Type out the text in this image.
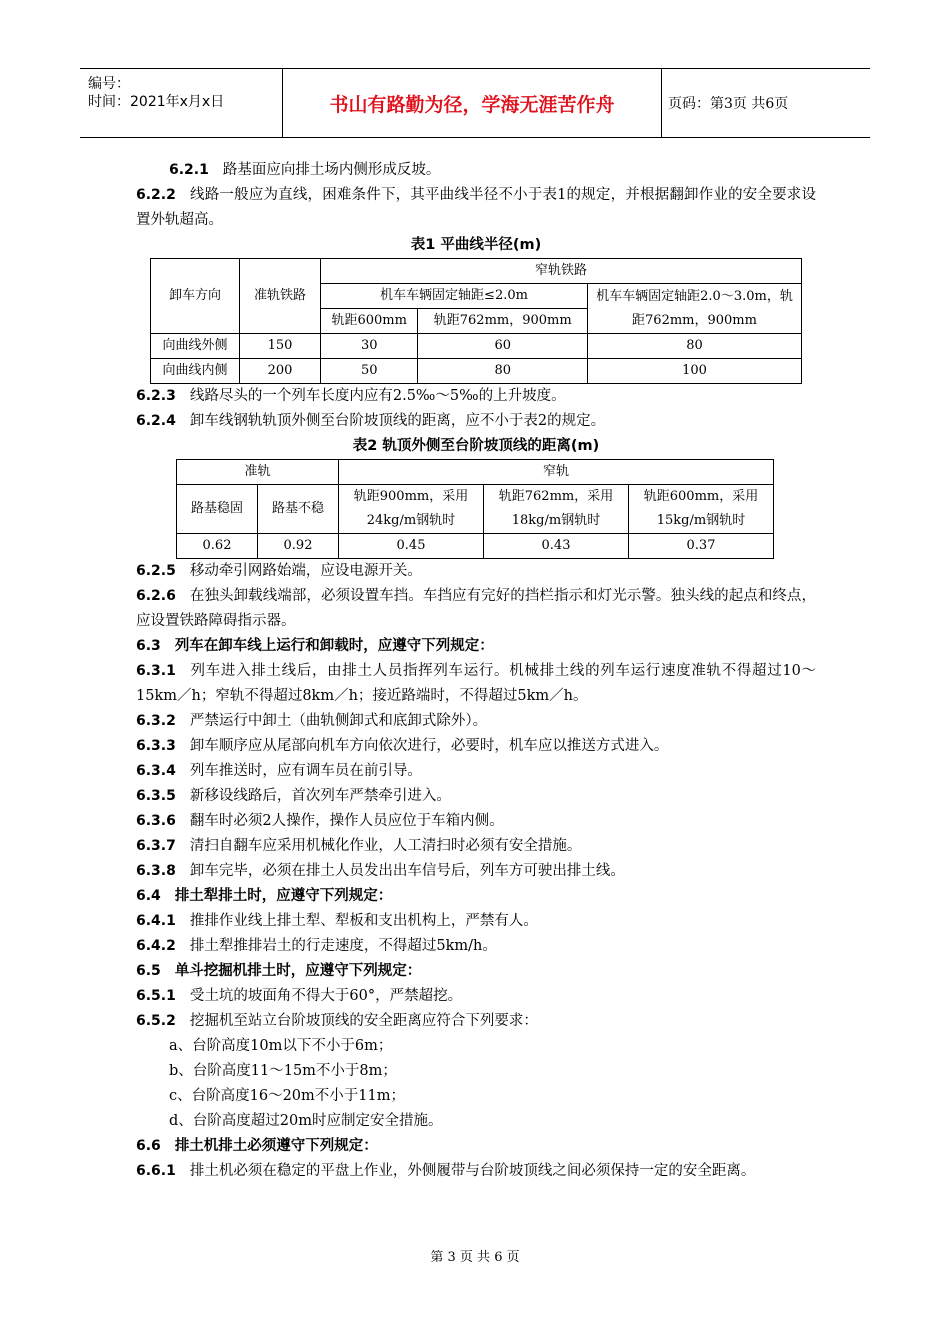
编号：
时间：2021年x月x日	书山有路勤为径，学海无涯苦作舟	页码：第3页 共6页
6.2.1 路基面应向排土场内侧形成反坡。
6.2.2 线路一般应为直线，困难条件下，其平曲线半径不小于表1的规定，并根据翻卸作业的安全要求设置外轨超高。
表1 平曲线半径(m)
卸车方向	准轨铁路	窄轨铁路		
		机车车辆固定轴距≤2.0m		机车车辆固定轴距2.0～3.0m，轨距762mm，900mm
		轨距600mm	轨距762mm，900mm	
向曲线外侧	150	30	60	80
向曲线内侧	200	50	80	100
6.2.3 线路尽头的一个列车长度内应有2.5‰～5‰的上升坡度。
6.2.4 卸车线钢轨轨顶外侧至台阶坡顶线的距离，应不小于表2的规定。
表2 轨顶外侧至台阶坡顶线的距离(m)
准轨		窄轨		
路基稳固	路基不稳	轨距900mm，采用24kg/m钢轨时	轨距762mm，采用18kg/m钢轨时	轨距600mm，采用15kg/m钢轨时
0.62	0.92	0.45	0.43	0.37
6.2.5 移动牵引网路始端，应设电源开关。
6.2.6 在独头卸载线端部，必须设置车挡。车挡应有完好的挡栏指示和灯光示警。独头线的起点和终点，应设置铁路障碍指示器。
6.3 列车在卸车线上运行和卸载时，应遵守下列规定：
6.3.1 列车进入排土线后，由排土人员指挥列车运行。机械排土线的列车运行速度准轨不得超过10～15km／h；窄轨不得超过8km／h；接近路端时，不得超过5km／h。
6.3.2 严禁运行中卸土（曲轨侧卸式和底卸式除外）。
6.3.3 卸车顺序应从尾部向机车方向依次进行，必要时，机车应以推送方式进入。
6.3.4 列车推送时，应有调车员在前引导。
6.3.5 新移设线路后，首次列车严禁牵引进入。
6.3.6 翻车时必须2人操作，操作人员应位于车箱内侧。
6.3.7 清扫自翻车应采用机械化作业，人工清扫时必须有安全措施。
6.3.8 卸车完毕，必须在排土人员发出出车信号后，列车方可驶出排土线。
6.4 排土犁排土时，应遵守下列规定：
6.4.1 推排作业线上排土犁、犁板和支出机构上，严禁有人。
6.4.2 排土犁推排岩土的行走速度，不得超过5km/h。
6.5 单斗挖掘机排土时，应遵守下列规定：
6.5.1 受土坑的坡面角不得大于60°，严禁超挖。
6.5.2 挖掘机至站立台阶坡顶线的安全距离应符合下列要求：
a、台阶高度10m以下不小于6m；
b、台阶高度11～15m不小于8m；
c、台阶高度16～20m不小于11m；
d、台阶高度超过20m时应制定安全措施。
6.6 排土机排土必须遵守下列规定：
6.6.1 排土机必须在稳定的平盘上作业，外侧履带与台阶坡顶线之间必须保持一定的安全距离。
第 3 页 共 6 页
